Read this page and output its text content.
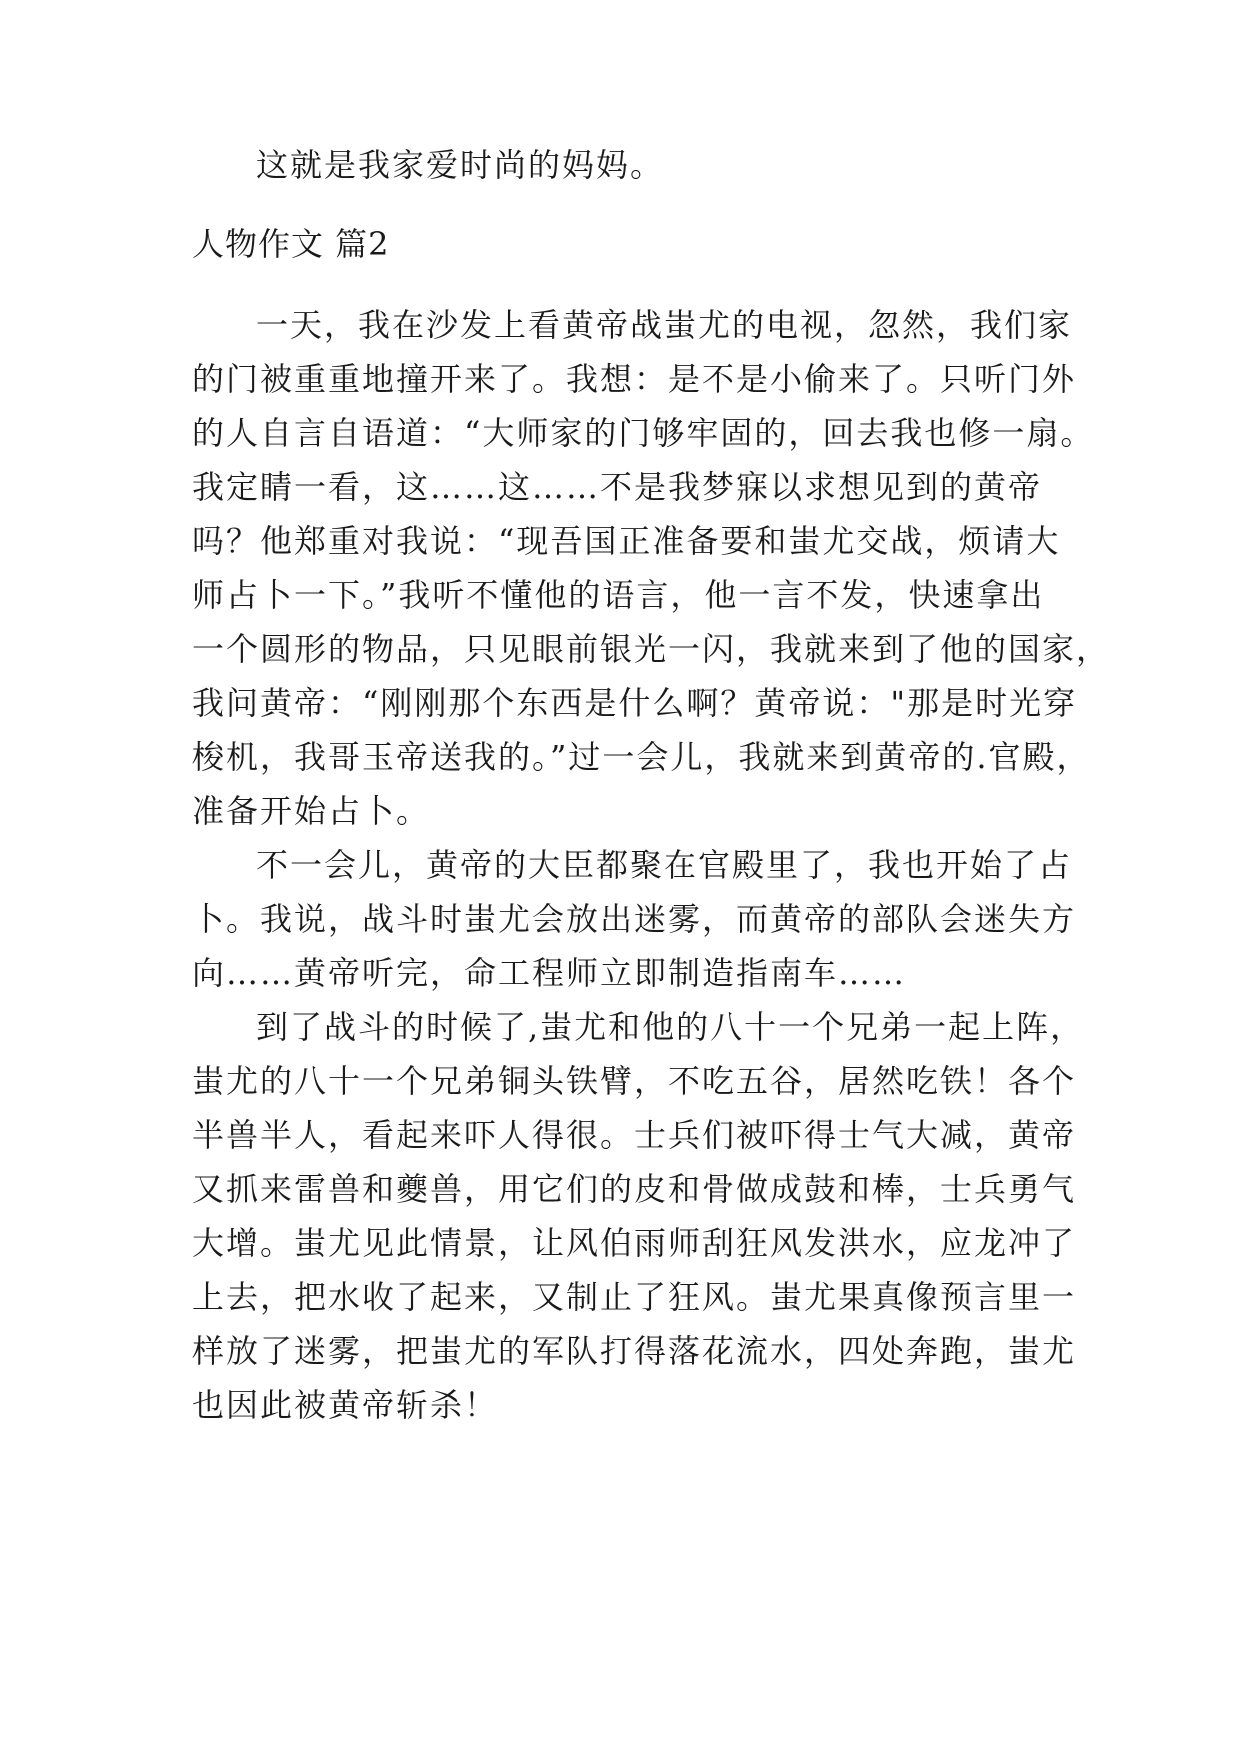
这就是我家爱时尚的妈妈。
人物作文 篇2
一天，我在沙发上看黄帝战蚩尤的电视，忽然，我们家
的门被重重地撞开来了。我想：是不是小偷来了。只听门外
的人自言自语道：“大师家的门够牢固的，回去我也修一扇。
我定睛一看，这……这……不是我梦寐以求想见到的黄帝
吗？他郑重对我说：“现吾国正准备要和蚩尤交战，烦请大
师占卜一下。”我听不懂他的语言，他一言不发，快速拿出
一个圆形的物品，只见眼前银光一闪，我就来到了他的国家，
我问黄帝：“刚刚那个东西是什么啊？黄帝说："那是时光穿
梭机，我哥玉帝送我的。”过一会儿，我就来到黄帝的.官殿，
准备开始占卜。
不一会儿，黄帝的大臣都聚在官殿里了，我也开始了占
卜。我说，战斗时蚩尤会放出迷雾，而黄帝的部队会迷失方
向……黄帝听完，命工程师立即制造指南车……
到了战斗的时候了,蚩尤和他的八十一个兄弟一起上阵，
蚩尤的八十一个兄弟铜头铁臂，不吃五谷，居然吃铁！各个
半兽半人，看起来吓人得很。士兵们被吓得士气大减，黄帝
又抓来雷兽和夔兽，用它们的皮和骨做成鼓和棒，士兵勇气
大增。蚩尤见此情景，让风伯雨师刮狂风发洪水，应龙冲了
上去，把水收了起来，又制止了狂风。蚩尤果真像预言里一
样放了迷雾，把蚩尤的军队打得落花流水，四处奔跑，蚩尤
也因此被黄帝斩杀！
